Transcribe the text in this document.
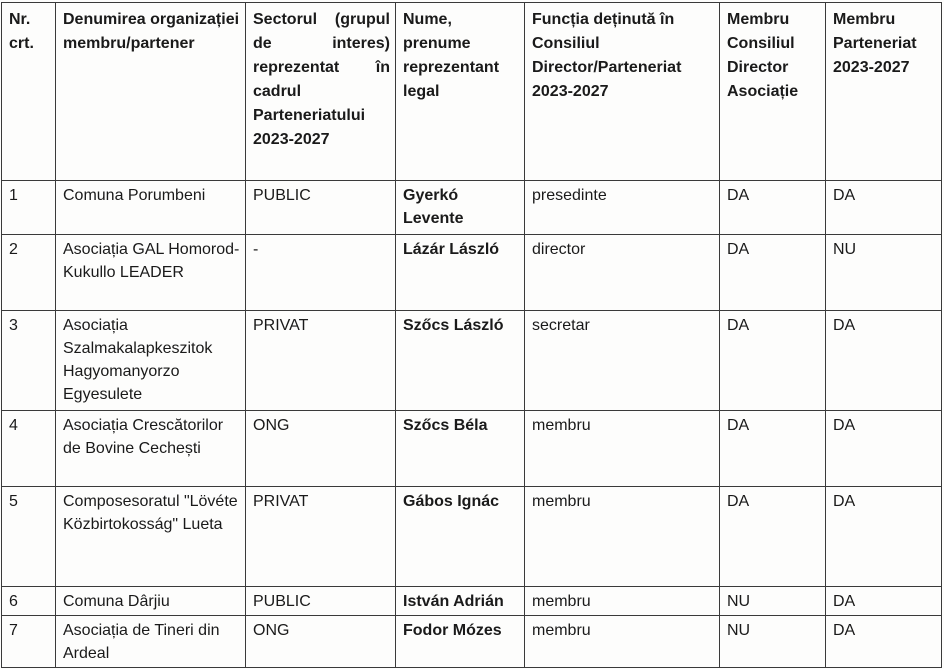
Nr. crt.	Denumirea organizației membru/partener	Sectorul (grupul de interes) reprezentat în cadrul Parteneriatului 2023-2027	Nume, prenume reprezentant legal	Funcția deținută în Consiliul Director/Parteneriat 2023-2027	Membru Consiliul Director Asociație	Membru Parteneriat 2023-2027
1	Comuna Porumbeni	PUBLIC	Gyerkó Levente	presedinte	DA	DA
2	Asociația GAL Homorod-Kukullo LEADER	-	Lázár László	director	DA	NU
3	Asociația Szalmakalapkeszitok Hagyomanyorzo Egyesulete	PRIVAT	Szőcs László	secretar	DA	DA
4	Asociația Crescătorilor de Bovine Cechești	ONG	Szőcs Béla	membru	DA	DA
5	Composesoratul "Lövéte Közbirtokosság" Lueta	PRIVAT	Gábos Ignác	membru	DA	DA
6	Comuna Dârjiu	PUBLIC	István Adrián	membru	NU	DA
7	Asociația de Tineri din Ardeal	ONG	Fodor Mózes	membru	NU	DA
